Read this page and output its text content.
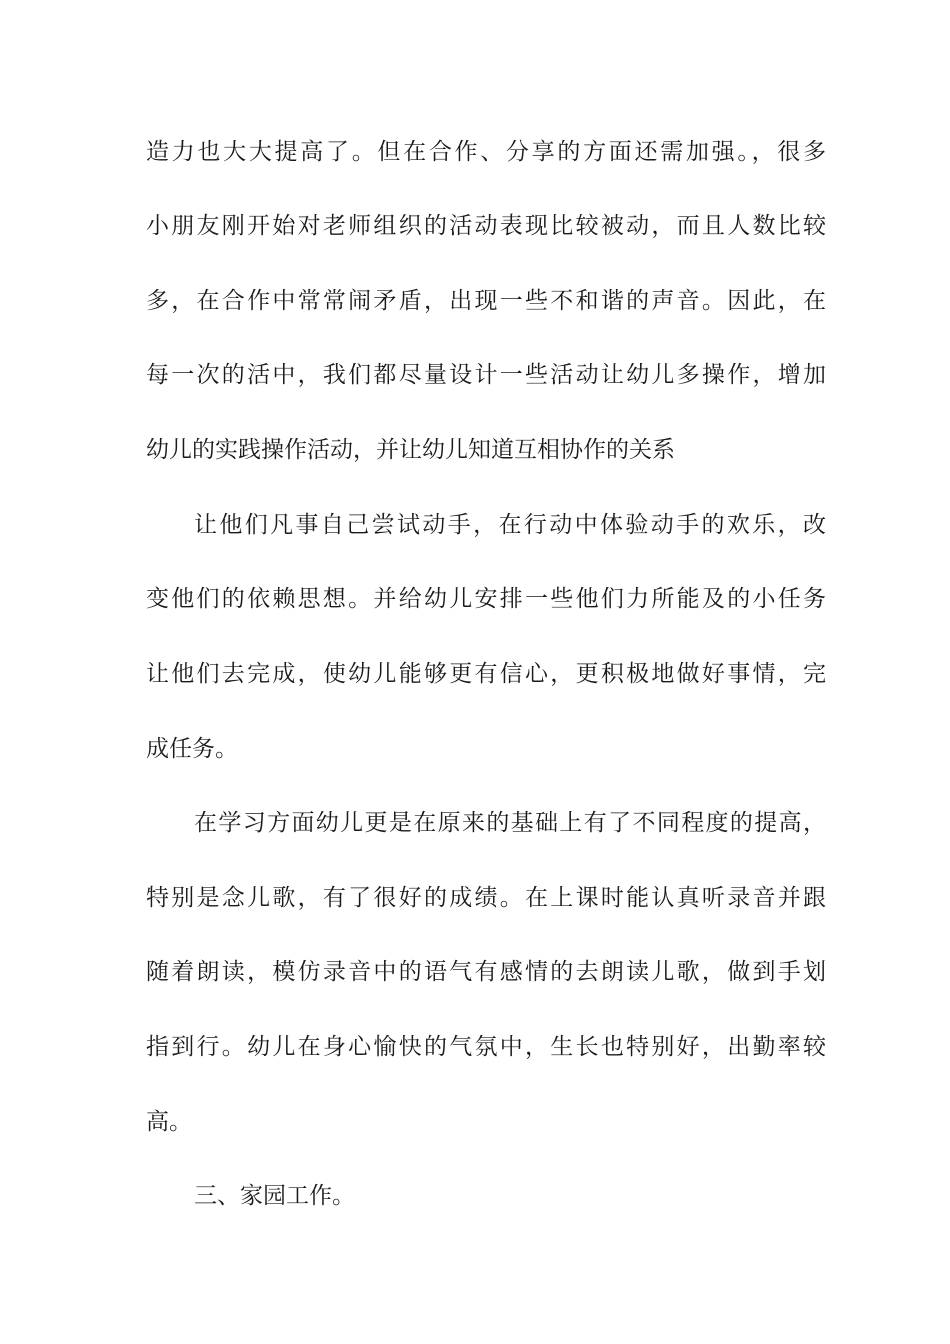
造力也大大提高了。但在合作、分享的方面还需加强。，很多
小朋友刚开始对老师组织的活动表现比较被动，而且人数比较
多，在合作中常常闹矛盾，出现一些不和谐的声音。因此，在
每一次的活中，我们都尽量设计一些活动让幼儿多操作，增加
幼儿的实践操作活动，并让幼儿知道互相协作的关系
让他们凡事自己尝试动手，在行动中体验动手的欢乐，改
变他们的依赖思想。并给幼儿安排一些他们力所能及的小任务
让他们去完成，使幼儿能够更有信心，更积极地做好事情，完
成任务。
在学习方面幼儿更是在原来的基础上有了不同程度的提高，
特别是念儿歌，有了很好的成绩。在上课时能认真听录音并跟
随着朗读，模仿录音中的语气有感情的去朗读儿歌，做到手划
指到行。幼儿在身心愉快的气氛中，生长也特别好，出勤率较
高。
三、家园工作。
